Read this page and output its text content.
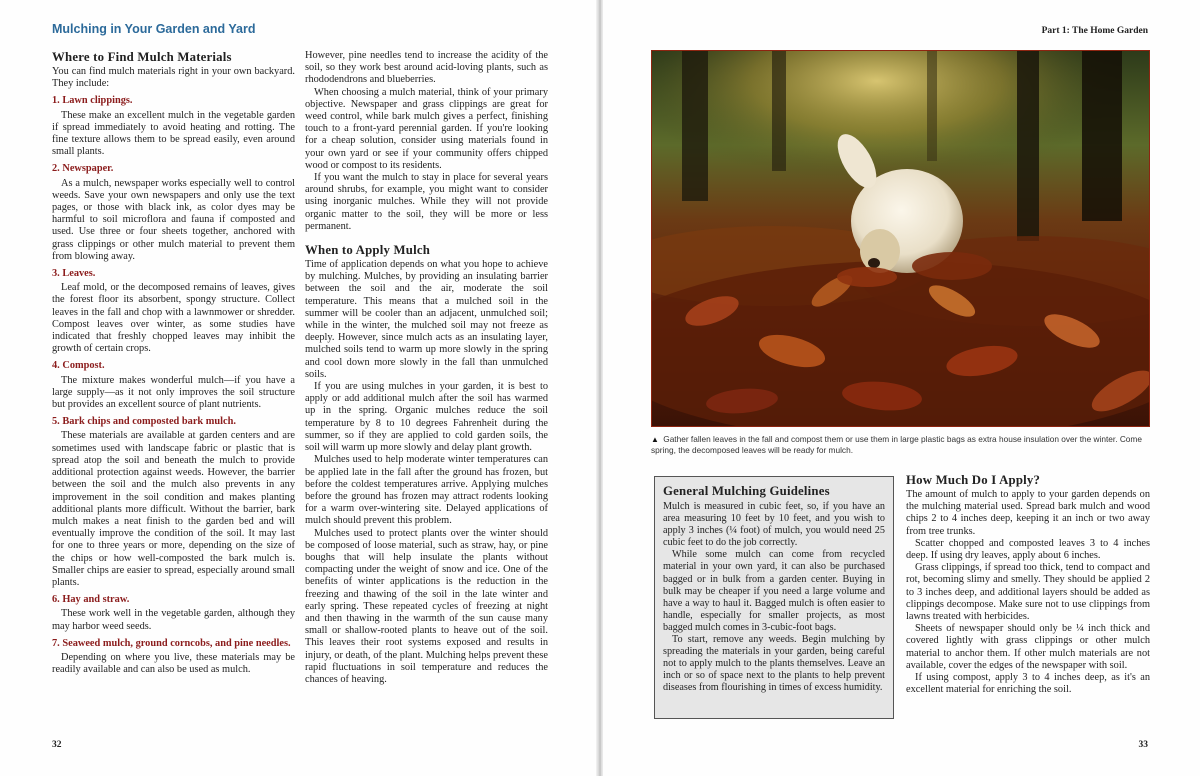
Mulching in Your Garden and Yard
Where to Find Mulch Materials

You can find mulch materials right in your own backyard. They include:

1. Lawn clippings.

These make an excellent mulch in the vegetable garden if spread immediately to avoid heating and rotting. The fine texture allows them to be spread easily, even around small plants.

2. Newspaper.

As a mulch, newspaper works especially well to control weeds. Save your own newspapers and only use the text pages, or those with black ink, as color dyes may be harmful to soil microflora and fauna if composted and used. Use three or four sheets together, anchored with grass clippings or other mulch material to prevent them from blowing away.

3. Leaves.

Leaf mold, or the decomposed remains of leaves, gives the forest floor its absorbent, spongy structure. Collect leaves in the fall and chop with a lawnmower or shredder. Compost leaves over winter, as some studies have indicated that freshly chopped leaves may inhibit the growth of certain crops.

4. Compost.

The mixture makes wonderful mulch—if you have a large supply—as it not only improves the soil structure but provides an excellent source of plant nutrients.

5. Bark chips and composted bark mulch.

These materials are available at garden centers and are sometimes used with landscape fabric or plastic that is spread atop the soil and beneath the mulch to provide additional protection against weeds. However, the barrier between the soil and the mulch also prevents in any improvement in the soil condition and makes planting additional plants more difficult. Without the barrier, bark mulch makes a neat finish to the garden bed and will eventually improve the condition of the soil. It may last for one to three years or more, depending on the size of the chips or how well-composted the bark mulch is. Smaller chips are easier to spread, especially around small plants.

6. Hay and straw.

These work well in the vegetable garden, although they may harbor weed seeds.

7. Seaweed mulch, ground corncobs, and pine needles.

Depending on where you live, these materials may be readily available and can also be used as mulch.

However, pine needles tend to increase the acidity of the soil, so they work best around acid-loving plants, such as rhododendrons and blueberries.

When choosing a mulch material, think of your primary objective. Newspaper and grass clippings are great for weed control, while bark mulch gives a perfect, finishing touch to a front-yard perennial garden. If you're looking for a cheap solution, consider using materials found in your own yard or see if your community offers chipped wood or compost to its residents.

If you want the mulch to stay in place for several years around shrubs, for example, you might want to consider using inorganic mulches. While they will not provide organic matter to the soil, they will be more or less permanent.

When to Apply Mulch

Time of application depends on what you hope to achieve by mulching. Mulches, by providing an insulating barrier between the soil and the air, moderate the soil temperature. This means that a mulched soil in the summer will be cooler than an adjacent, unmulched soil; while in the winter, the mulched soil may not freeze as deeply. However, since mulch acts as an insulating layer, mulched soils tend to warm up more slowly in the spring and cool down more slowly in the fall than unmulched soils.

If you are using mulches in your garden, it is best to apply or add additional mulch after the soil has warmed up in the spring. Organic mulches reduce the soil temperature by 8 to 10 degrees Fahrenheit during the summer, so if they are applied to cold garden soils, the soil will warm up more slowly and delay plant growth.

Mulches used to help moderate winter temperatures can be applied late in the fall after the ground has frozen, but before the coldest temperatures arrive. Applying mulches before the ground has frozen may attract rodents looking for a warm over-wintering site. Delayed applications of mulch should prevent this problem.

Mulches used to protect plants over the winter should be composed of loose material, such as straw, hay, or pine boughs that will help insulate the plants without compacting under the weight of snow and ice. One of the benefits of winter applications is the reduction in the freezing and thawing of the soil in the late winter and early spring. These repeated cycles of freezing at night and then thawing in the warmth of the sun cause many small or shallow-rooted plants to heave out of the soil. This leaves their root systems exposed and results in injury, or death, of the plant. Mulching helps prevent these rapid fluctuations in soil temperature and reduces the chances of heaving.

32
Part 1: The Home Garden
▲ Gather fallen leaves in the fall and compost them or use them in large plastic bags as extra house insulation over the winter. Come spring, the decomposed leaves will be ready for mulch.
General Mulching Guidelines

Mulch is measured in cubic feet, so, if you have an area measuring 10 feet by 10 feet, and you wish to apply 3 inches (¼ foot) of mulch, you would need 25 cubic feet to do the job correctly.

While some mulch can come from recycled material in your own yard, it can also be purchased bagged or in bulk from a garden center. Buying in bulk may be cheaper if you need a large volume and have a way to haul it. Bagged mulch is often easier to handle, especially for smaller projects, as most bagged mulch comes in 3-cubic-foot bags.

To start, remove any weeds. Begin mulching by spreading the materials in your garden, being careful not to apply mulch to the plants themselves. Leave an inch or so of space next to the plants to help prevent diseases from flourishing in times of excess humidity.

How Much Do I Apply?

The amount of mulch to apply to your garden depends on the mulching material used. Spread bark mulch and wood chips 2 to 4 inches deep, keeping it an inch or two away from tree trunks.

Scatter chopped and composted leaves 3 to 4 inches deep. If using dry leaves, apply about 6 inches.

Grass clippings, if spread too thick, tend to compact and rot, becoming slimy and smelly. They should be applied 2 to 3 inches deep, and additional layers should be added as clippings decompose. Make sure not to use clippings from lawns treated with herbicides.

Sheets of newspaper should only be ¼ inch thick and covered lightly with grass clippings or other mulch material to anchor them. If other mulch materials are not available, cover the edges of the newspaper with soil.

If using compost, apply 3 to 4 inches deep, as it's an excellent material for enriching the soil.

33
